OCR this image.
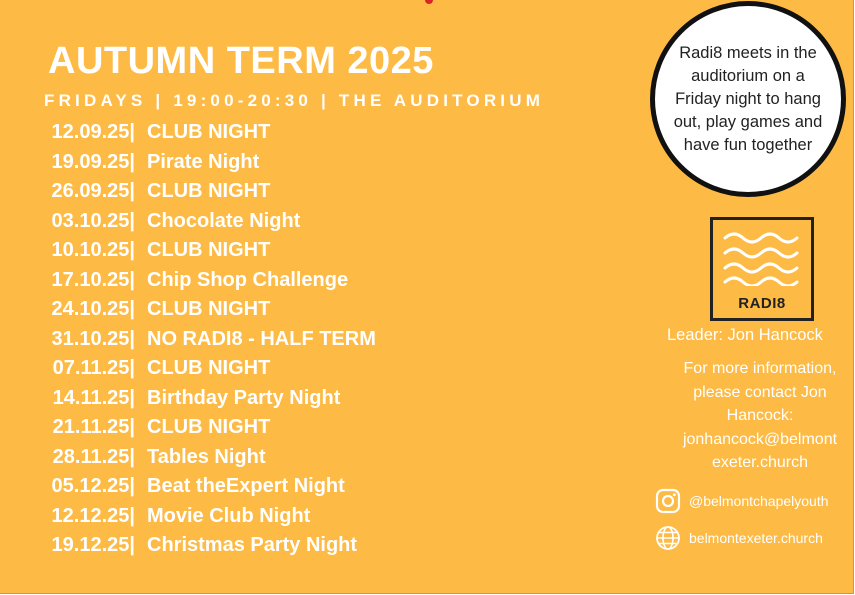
AUTUMN TERM 2025
FRIDAYS | 19:00-20:30 | THE AUDITORIUM
12.09.25| CLUB NIGHT
19.09.25| Pirate Night
26.09.25| CLUB NIGHT
03.10.25| Chocolate Night
10.10.25| CLUB NIGHT
17.10.25| Chip Shop Challenge
24.10.25| CLUB NIGHT
31.10.25| NO RADI8 - HALF TERM
07.11.25| CLUB NIGHT
14.11.25| Birthday Party Night
21.11.25| CLUB NIGHT
28.11.25| Tables Night
05.12.25| Beat theExpert Night
12.12.25| Movie Club Night
19.12.25| Christmas Party Night
Radi8 meets in the auditorium on a Friday night to hang out, play games and have fun together
RADI8
Leader: Jon Hancock
For more information, please contact Jon Hancock: jonhancock@belmont exeter.church
@belmontchapelyouth
belmontexeter.church
